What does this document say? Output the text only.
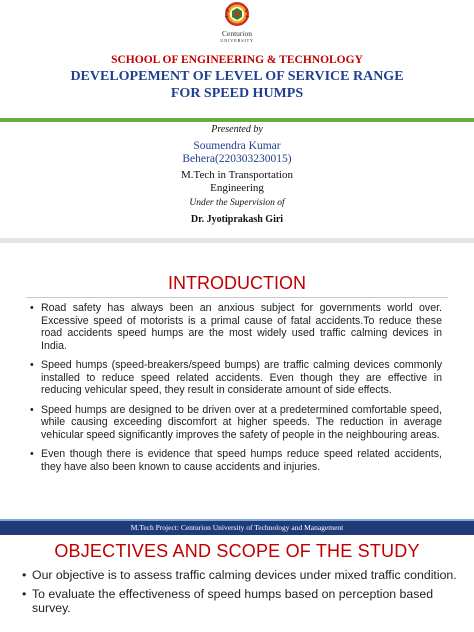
Centurion
UNIVERSITY
SCHOOL OF ENGINEERING & TECHNOLOGY
DEVELOPEMENT OF LEVEL OF SERVICE RANGE
FOR SPEED HUMPS
Presented by
Soumendra Kumar
Behera(220303230015)
M.Tech in Transportation
Engineering
Under the Supervision of
Dr. Jyotiprakash Giri
INTRODUCTION
• Road safety has always been an anxious subject for governments world over. Excessive speed of motorists is a primal cause of fatal accidents.To reduce these road accidents speed humps are the most widely used traffic calming devices in India.
• Speed humps (speed-breakers/speed bumps) are traffic calming devices commonly installed to reduce speed related accidents. Even though they are effective in reducing vehicular speed, they result in considerate amount of side effects.
• Speed humps are designed to be driven over at a predetermined comfortable speed, while causing exceeding discomfort at higher speeds. The reduction in average vehicular speed significantly improves the safety of people in the neighbouring areas.
• Even though there is evidence that speed humps reduce speed related accidents, they have also been known to cause accidents and injuries.
M.Tech Project: Centurion University of Technology and Management
OBJECTIVES AND SCOPE OF THE STUDY
• Our objective is to assess traffic calming devices under mixed traffic condition.
• To evaluate the effectiveness of speed humps based on perception based survey.
